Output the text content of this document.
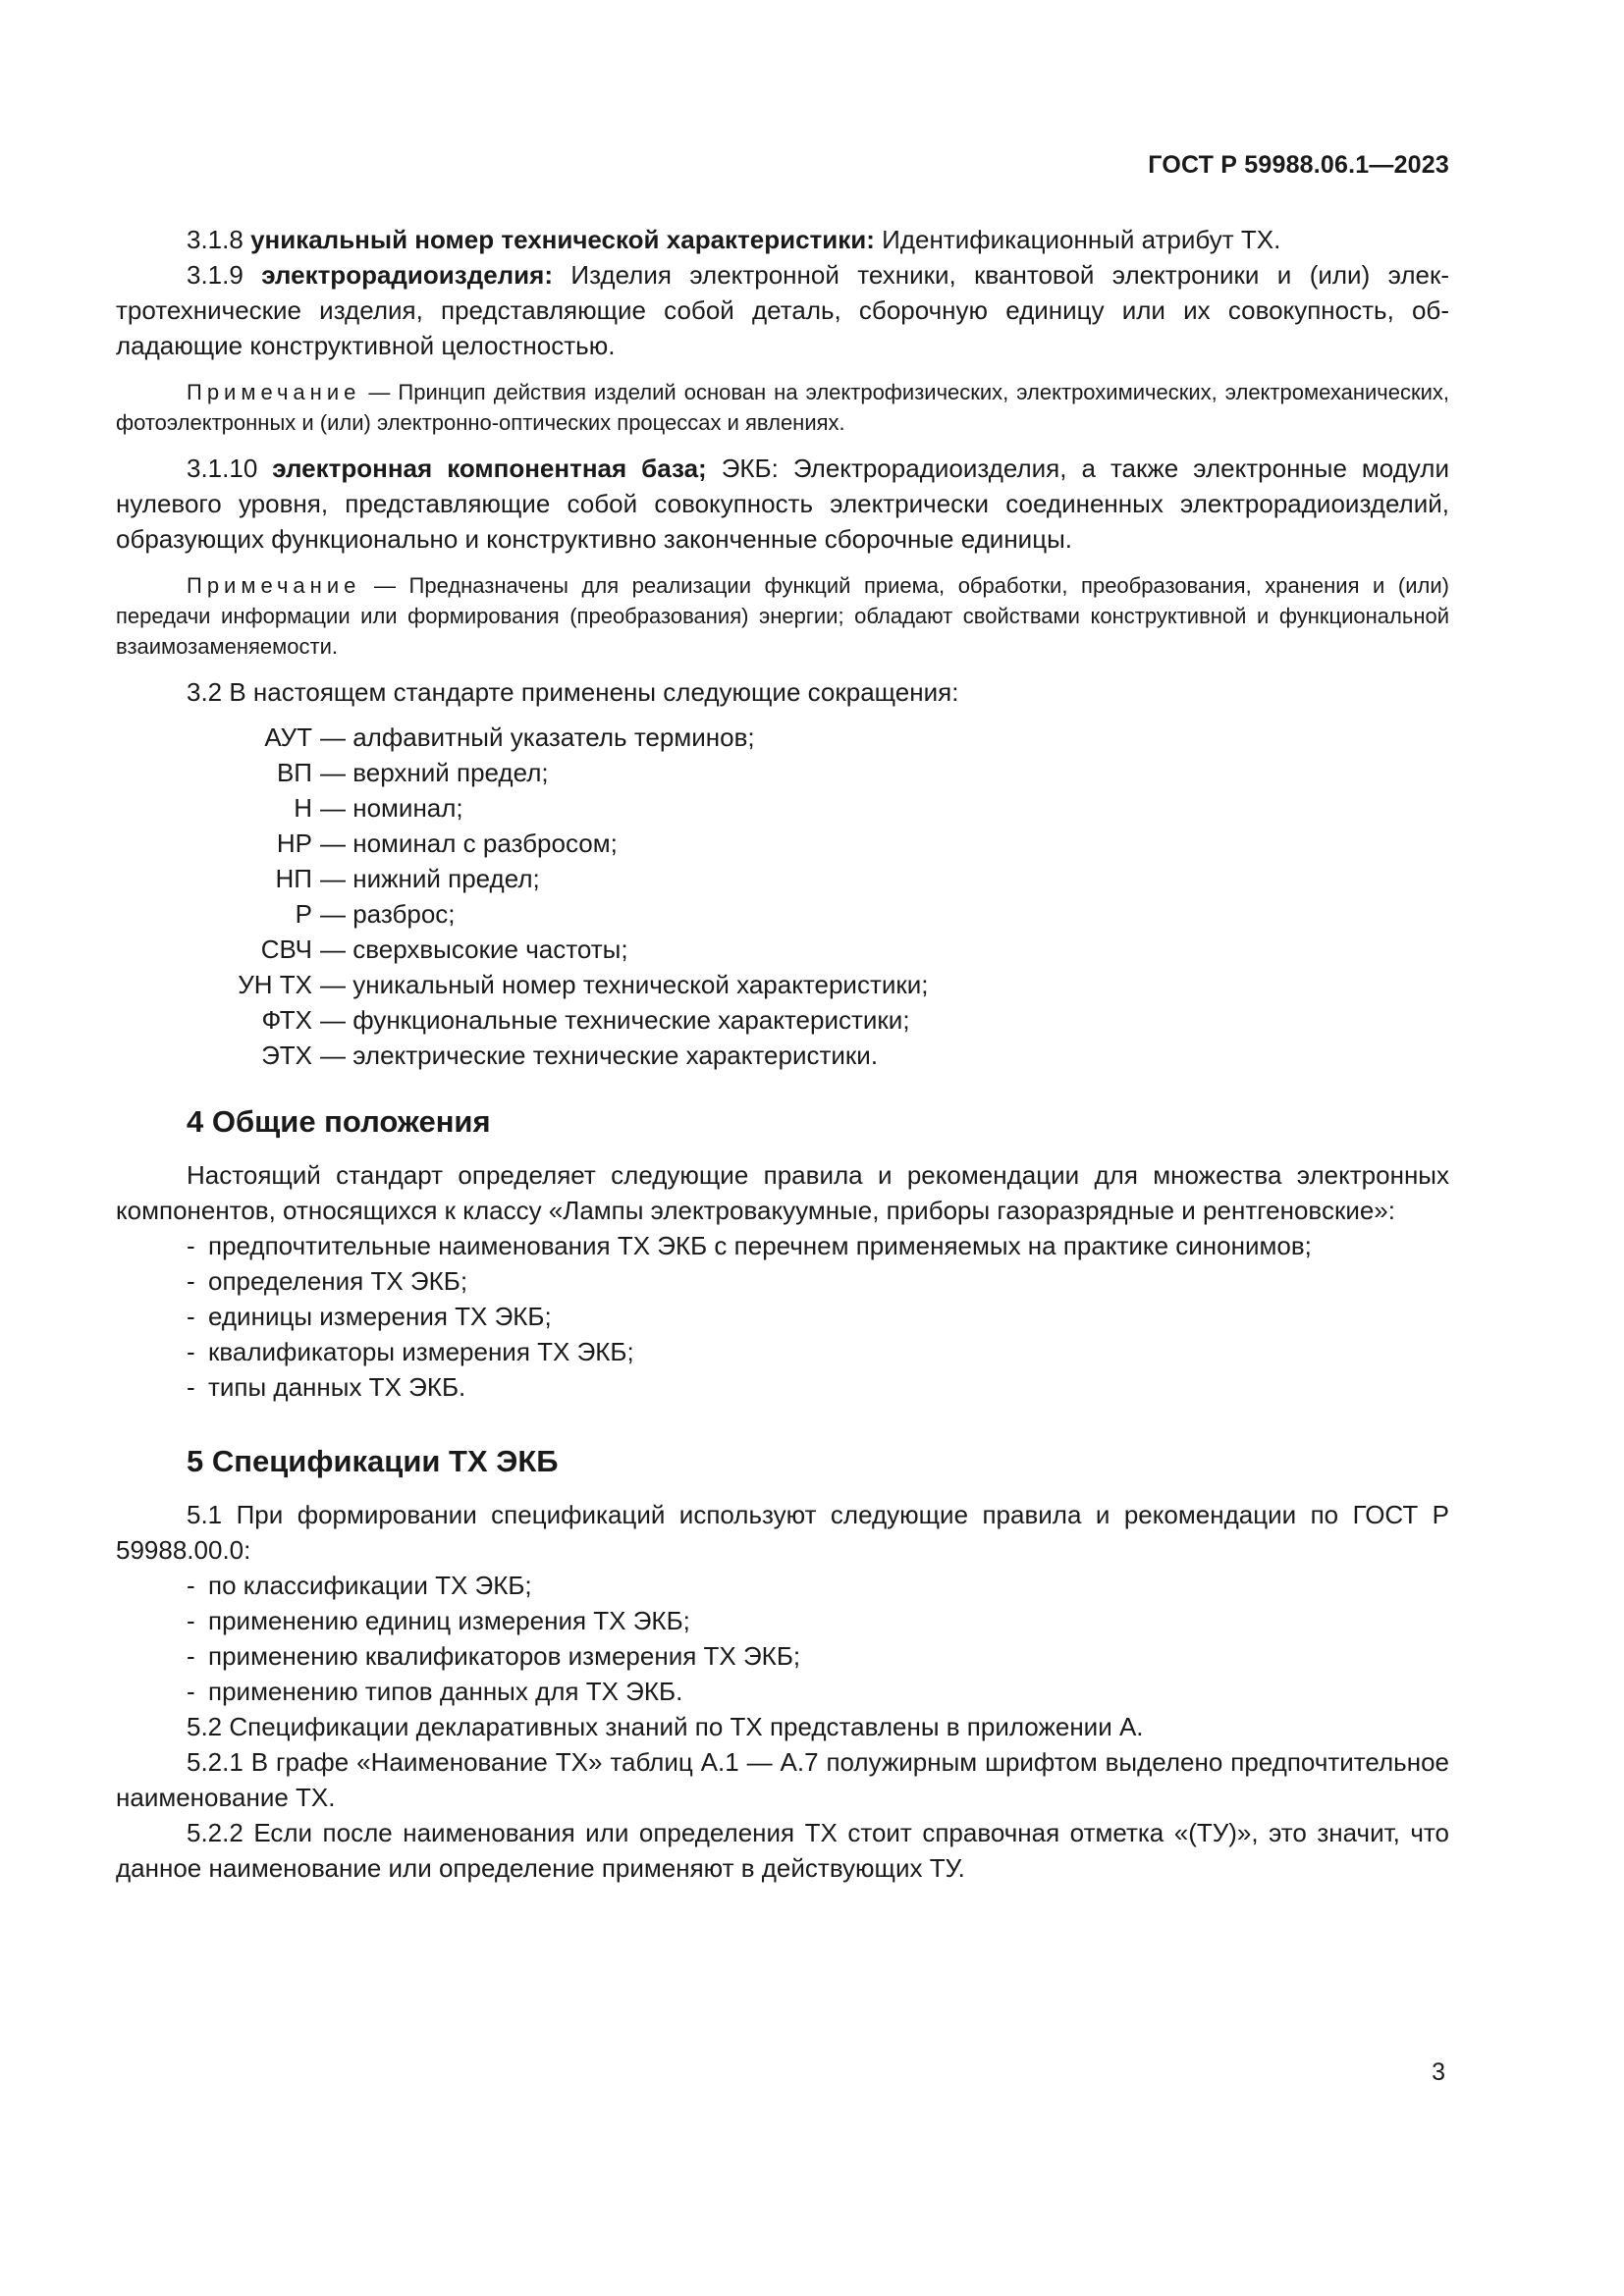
ГОСТ Р 59988.06.1—2023

3.1.8 уникальный номер технической характеристики: Идентификационный атрибут ТХ.

3.1.9 электрорадиоизделия: Изделия электронной техники, квантовой электроники и (или) электротехнические изделия, представляющие собой деталь, сборочную единицу или их совокупность, обладающие конструктивной целостностью.

Примечание — Принцип действия изделий основан на электрофизических, электрохимических, электромеханических, фотоэлектронных и (или) электронно-оптических процессах и явлениях.

3.1.10 электронная компонентная база; ЭКБ: Электрорадиоизделия, а также электронные модули нулевого уровня, представляющие собой совокупность электрически соединенных электрорадиоизделий, образующих функционально и конструктивно законченные сборочные единицы.

Примечание — Предназначены для реализации функций приема, обработки, преобразования, хранения и (или) передачи информации или формирования (преобразования) энергии; обладают свойствами конструктивной и функциональной взаимозаменяемости.

3.2 В настоящем стандарте применены следующие сокращения:

АУТ — алфавитный указатель терминов;
ВП — верхний предел;
Н — номинал;
НР — номинал с разбросом;
НП — нижний предел;
Р — разброс;
СВЧ — сверхвысокие частоты;
УН ТХ — уникальный номер технической характеристики;
ФТХ — функциональные технические характеристики;
ЭТХ — электрические технические характеристики.
4 Общие положения

Настоящий стандарт определяет следующие правила и рекомендации для множества электронных компонентов, относящихся к классу «Лампы электровакуумные, приборы газоразрядные и рентгеновские»:

- предпочтительные наименования ТХ ЭКБ с перечнем применяемых на практике синонимов;
- определения ТХ ЭКБ;
- единицы измерения ТХ ЭКБ;
- квалификаторы измерения ТХ ЭКБ;
- типы данных ТХ ЭКБ.
5 Спецификации ТХ ЭКБ

5.1 При формировании спецификаций используют следующие правила и рекомендации по ГОСТ Р 59988.00.0:

- по классификации ТХ ЭКБ;
- применению единиц измерения ТХ ЭКБ;
- применению квалификаторов измерения ТХ ЭКБ;
- применению типов данных для ТХ ЭКБ.

5.2 Спецификации декларативных знаний по ТХ представлены в приложении А.

5.2.1 В графе «Наименование ТХ» таблиц А.1 — А.7 полужирным шрифтом выделено предпочтительное наименование ТХ.

5.2.2 Если после наименования или определения ТХ стоит справочная отметка «(ТУ)», это значит, что данное наименование или определение применяют в действующих ТУ.

3
